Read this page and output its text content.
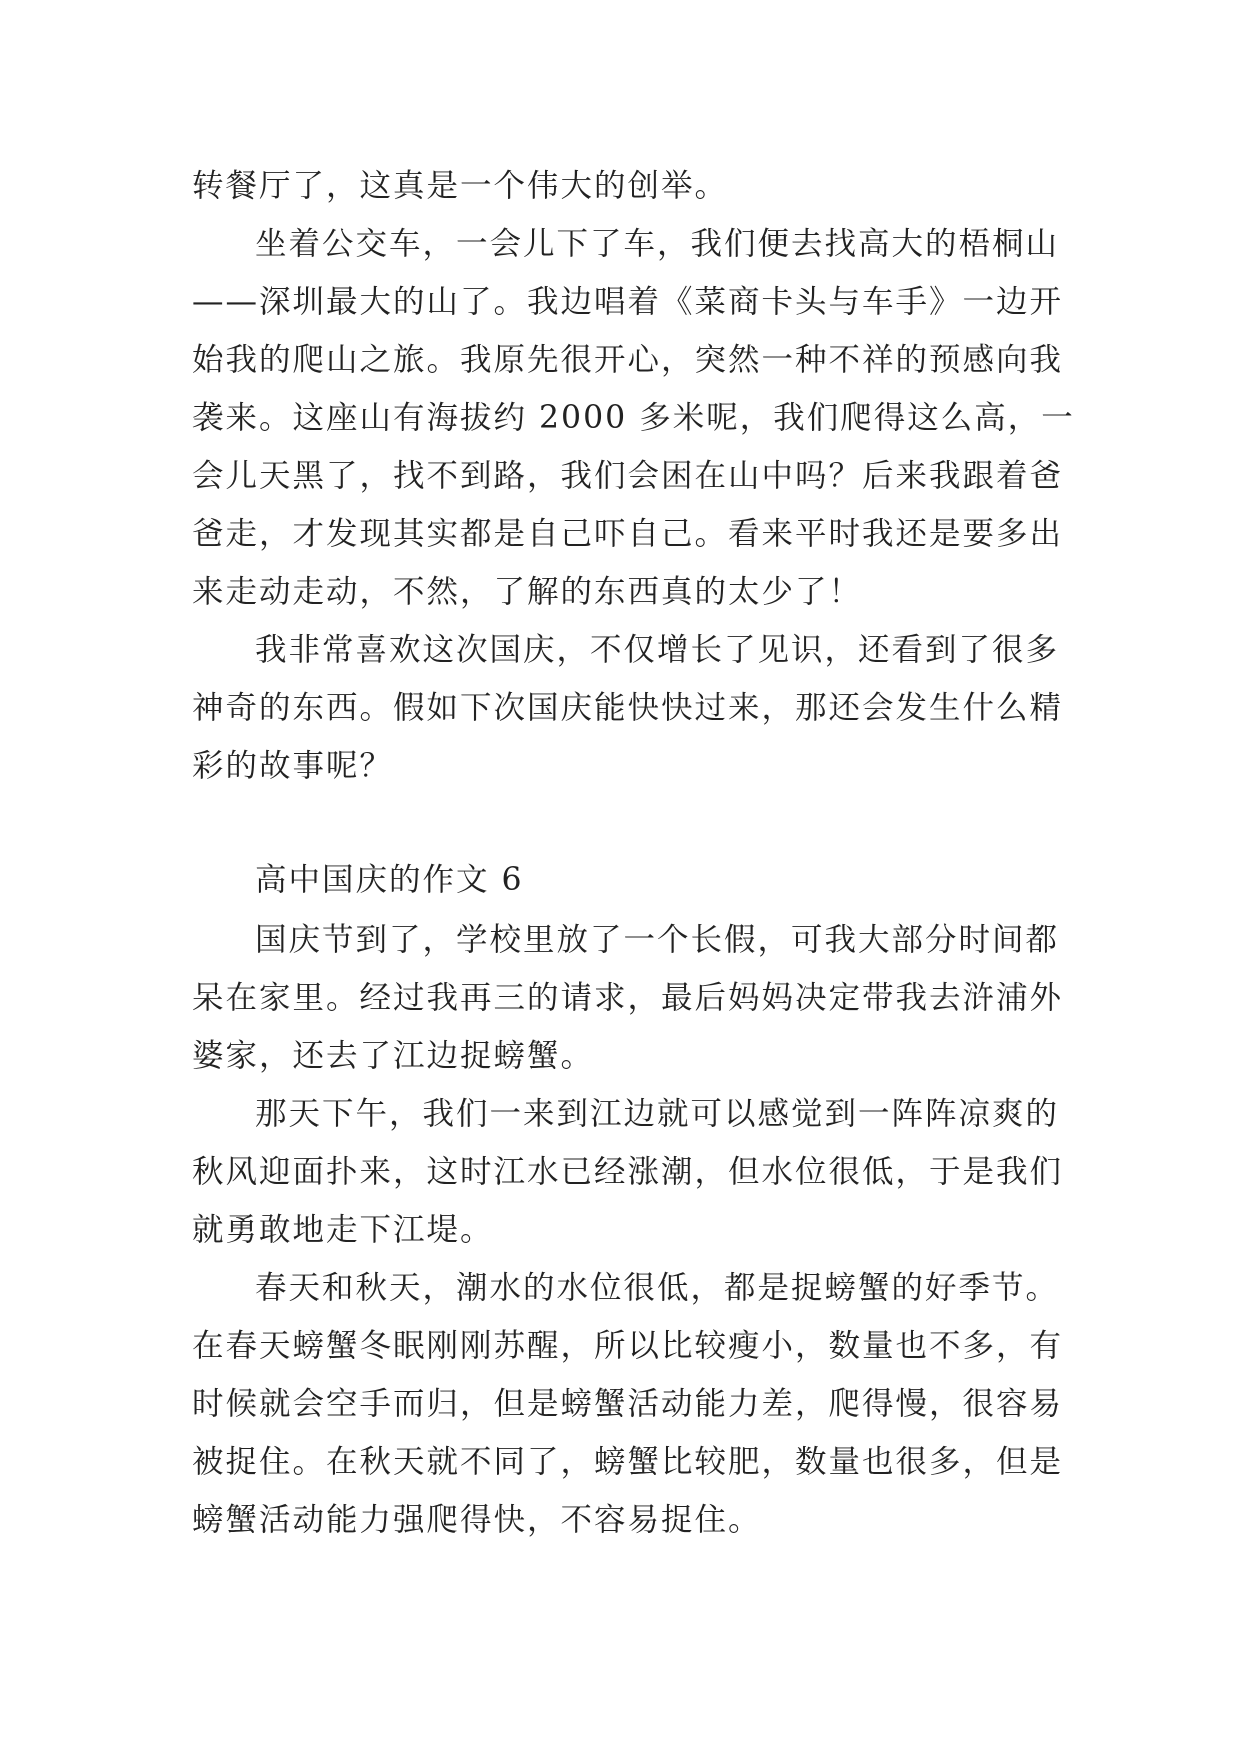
转餐厅了，这真是一个伟大的创举。

坐着公交车，一会儿下了车，我们便去找高大的梧桐山

——深圳最大的山了。我边唱着《菜商卡头与车手》一边开

始我的爬山之旅。我原先很开心，突然一种不祥的预感向我

袭来。这座山有海拔约 2000 多米呢，我们爬得这么高，一

会儿天黑了，找不到路，我们会困在山中吗？后来我跟着爸

爸走，才发现其实都是自己吓自己。看来平时我还是要多出

来走动走动，不然，了解的东西真的太少了！

我非常喜欢这次国庆，不仅增长了见识，还看到了很多

神奇的东西。假如下次国庆能快快过来，那还会发生什么精

彩的故事呢？

高中国庆的作文 6

国庆节到了，学校里放了一个长假，可我大部分时间都

呆在家里。经过我再三的请求，最后妈妈决定带我去浒浦外

婆家，还去了江边捉螃蟹。

那天下午，我们一来到江边就可以感觉到一阵阵凉爽的

秋风迎面扑来，这时江水已经涨潮，但水位很低，于是我们

就勇敢地走下江堤。

春天和秋天，潮水的水位很低，都是捉螃蟹的好季节。

在春天螃蟹冬眠刚刚苏醒，所以比较瘦小，数量也不多，有

时候就会空手而归，但是螃蟹活动能力差，爬得慢，很容易

被捉住。在秋天就不同了，螃蟹比较肥，数量也很多，但是

螃蟹活动能力强爬得快，不容易捉住。
